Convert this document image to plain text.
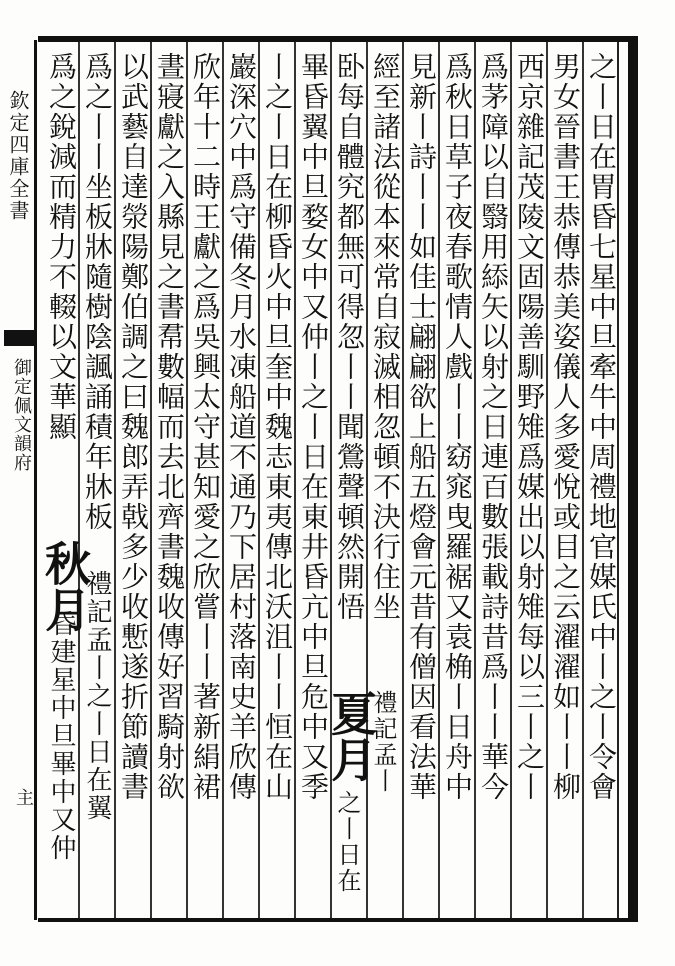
欽定四庫全書
御定佩文韻府
主	之丨日在胃昏七星中旦牽牛中周禮地官媒氏中丨之丨令會
男女晉書王恭傳恭美姿儀人多愛悅或目之云濯濯如丨丨柳
西京雜記茂陵文固陽善馴野雉爲媒出以射雉每以三丨之丨
爲茅障以自翳用䋬矢以射之日連百數張載詩昔爲丨丨華今
爲秋日草子夜春歌情人戲丨丨窈窕曳羅裾又袁桷丨日舟中
見新丨詩丨丨如佳士翩翩欲上船五燈會元昔有僧因看法華
經至諸法從本來常自寂滅相忽頓不決行住坐
卧每自體究都無可得忽丨丨聞鶯聲頓然開悟
夏月
禮記孟丨
之丨日在
畢昏翼中旦婺女中又仲丨之丨日在東井昏亢中旦危中又季
丨之丨日在柳昏火中旦奎中魏志東夷傳北沃沮丨丨恒在山
巖深穴中爲守備冬月水凍船道不通乃下居村落南史羊欣傳
欣年十二時王獻之爲吳興太守甚知愛之欣嘗丨丨著新絹裙
晝寢獻之入縣見之書帬數幅而去北齊書魏收傳好習騎射欲
以武藝自達滎陽鄭伯調之曰魏郎弄戟多少收慙遂折節讀書
爲之丨丨坐板牀隨樹陰諷誦積年牀板
秋月
禮記孟丨之丨日在翼
昏建星中旦畢中又仲
爲之銳減而精力不輟以文華顯
